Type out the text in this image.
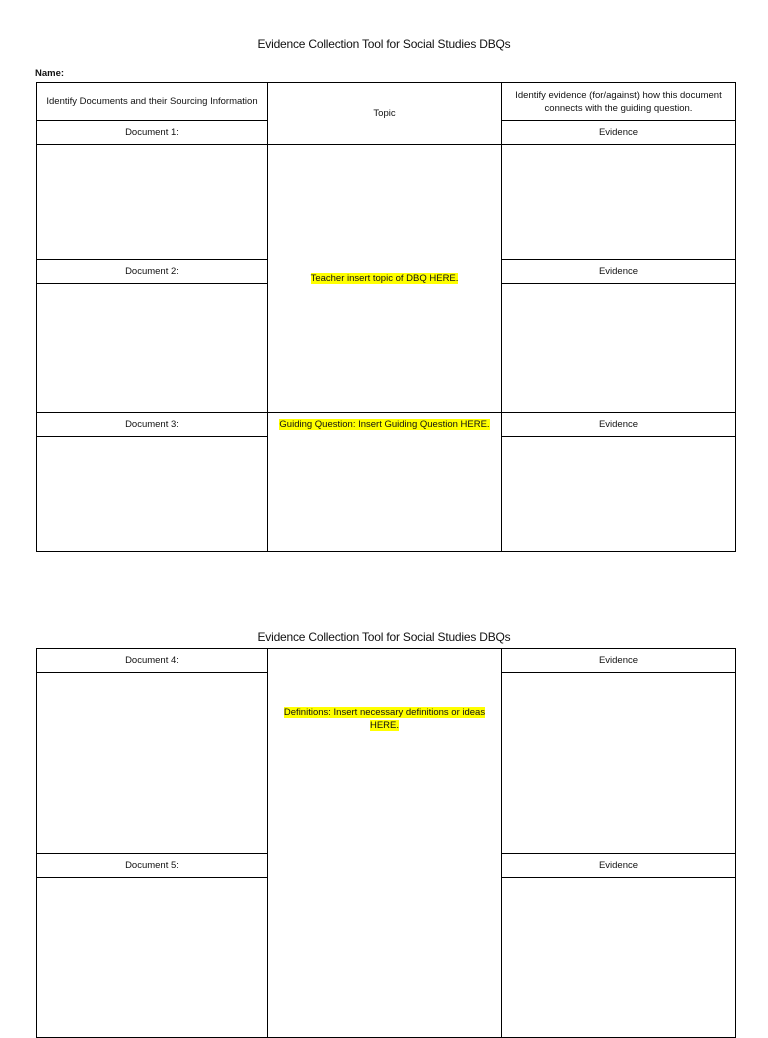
Evidence Collection Tool for Social Studies DBQs
Name:
Identify Documents and their Sourcing Information	Topic	Identify evidence (for/against) how this document connects with the guiding question.
Document 1:		Evidence
	Teacher insert topic of DBQ HERE.	
Document 2:		Evidence

Document 3:	Guiding Question: Insert Guiding Question HERE.	Evidence

Evidence Collection Tool for Social Studies DBQs
Document 4:	Definitions: Insert necessary definitions or ideas HERE.	Evidence

Document 5:		Evidence
